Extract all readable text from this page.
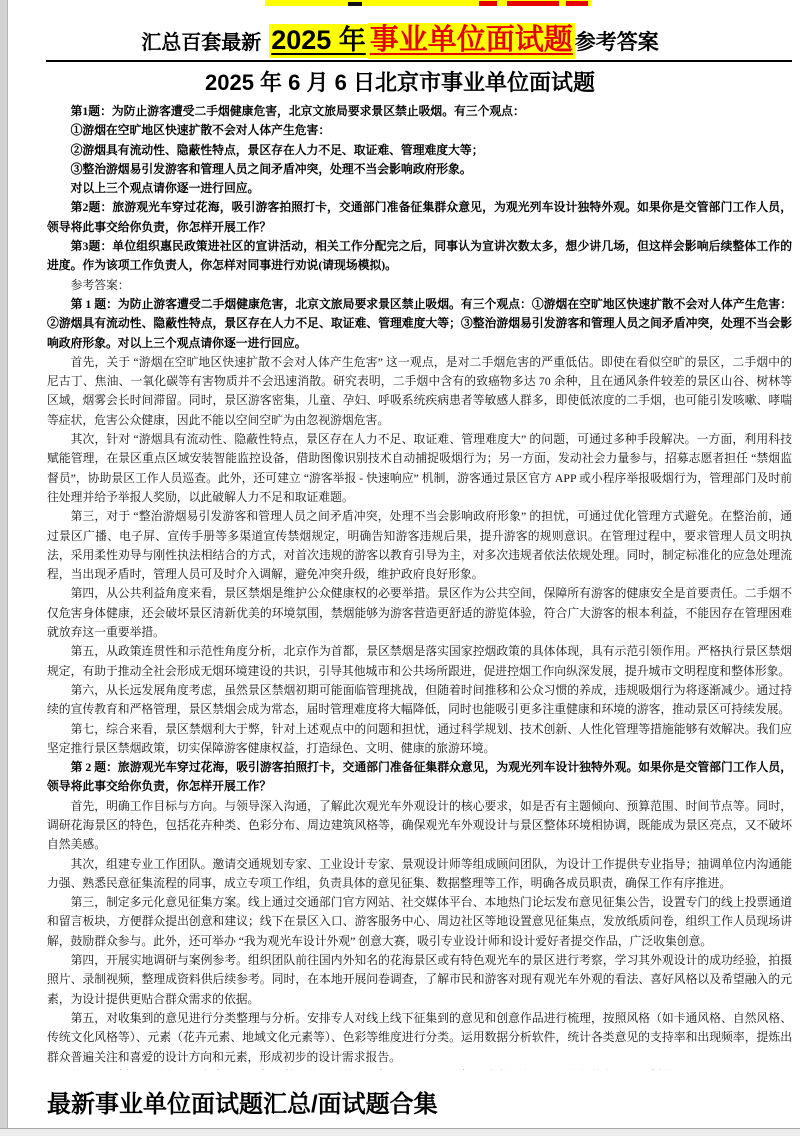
汇总百套最新 2025 年 事业单位面试题参考答案
2025 年 6 月 6 日北京市事业单位面试题

第1题：为防止游客遭受二手烟健康危害，北京文旅局要求景区禁止吸烟。有三个观点：

①游烟在空旷地区快速扩散不会对人体产生危害：

②游烟具有流动性、隐蔽性特点，景区存在人力不足、取证难、管理难度大等；

③整治游烟易引发游客和管理人员之间矛盾冲突，处理不当会影响政府形象。

对以上三个观点请你逐一进行回应。

第2题：旅游观光车穿过花海，吸引游客拍照打卡，交通部门准备征集群众意见，为观光列车设计独特外观。如果你是交管部门工作人员，领导将此事交给你负责，你怎样开展工作？

第3题：单位组织惠民政策进社区的宣讲活动，相关工作分配完之后，同事认为宣讲次数太多，想少讲几场，但这样会影响后续整体工作的进度。作为该项工作负责人，你怎样对同事进行劝说(请现场模拟)。

参考答案：

第 1 题：为防止游客遭受二手烟健康危害，北京文旅局要求景区禁止吸烟。有三个观点：①游烟在空旷地区快速扩散不会对人体产生危害：②游烟具有流动性、隐蔽性特点，景区存在人力不足、取证难、管理难度大等；③整治游烟易引发游客和管理人员之间矛盾冲突，处理不当会影响政府形象。对以上三个观点请你逐一进行回应。

首先，关于 “游烟在空旷地区快速扩散不会对人体产生危害” 这一观点，是对二手烟危害的严重低估。即使在看似空旷的景区，二手烟中的尼古丁、焦油、一氧化碳等有害物质并不会迅速消散。研究表明，二手烟中含有的致癌物多达 70 余种，且在通风条件较差的景区山谷、树林等区域，烟雾会长时间滞留。同时，景区游客密集，儿童、孕妇、呼吸系统疾病患者等敏感人群多，即使低浓度的二手烟，也可能引发咳嗽、哮喘等症状，危害公众健康，因此不能以空间空旷为由忽视游烟危害。

其次，针对 “游烟具有流动性、隐蔽性特点，景区存在人力不足、取证难、管理难度大” 的问题，可通过多种手段解决。一方面，利用科技赋能管理，在景区重点区域安装智能监控设备，借助图像识别技术自动捕捉吸烟行为；另一方面，发动社会力量参与，招募志愿者担任 “禁烟监督员”，协助景区工作人员巡查。此外，还可建立 “游客举报 - 快速响应” 机制，游客通过景区官方 APP 或小程序举报吸烟行为，管理部门及时前往处理并给予举报人奖励，以此破解人力不足和取证难题。

第三，对于 “整治游烟易引发游客和管理人员之间矛盾冲突，处理不当会影响政府形象” 的担忧，可通过优化管理方式避免。在整治前，通过景区广播、电子屏、宣传手册等多渠道宣传禁烟规定，明确告知游客违规后果，提升游客的规则意识。在管理过程中，要求管理人员文明执法，采用柔性劝导与刚性执法相结合的方式，对首次违规的游客以教育引导为主，对多次违规者依法依规处理。同时，制定标准化的应急处理流程，当出现矛盾时，管理人员可及时介入调解，避免冲突升级，维护政府良好形象。

第四，从公共利益角度来看，景区禁烟是维护公众健康权的必要举措。景区作为公共空间，保障所有游客的健康安全是首要责任。二手烟不仅危害身体健康，还会破坏景区清新优美的环境氛围，禁烟能够为游客营造更舒适的游览体验，符合广大游客的根本利益，不能因存在管理困难就放弃这一重要举措。

第五，从政策连贯性和示范性角度分析，北京作为首都，景区禁烟是落实国家控烟政策的具体体现，具有示范引领作用。严格执行景区禁烟规定，有助于推动全社会形成无烟环境建设的共识，引导其他城市和公共场所跟进，促进控烟工作向纵深发展，提升城市文明程度和整体形象。

第六，从长远发展角度考虑，虽然景区禁烟初期可能面临管理挑战，但随着时间推移和公众习惯的养成，违规吸烟行为将逐渐减少。通过持续的宣传教育和严格管理，景区禁烟会成为常态，届时管理难度将大幅降低，同时也能吸引更多注重健康和环境的游客，推动景区可持续发展。

第七，综合来看，景区禁烟利大于弊，针对上述观点中的问题和担忧，通过科学规划、技术创新、人性化管理等措施能够有效解决。我们应坚定推行景区禁烟政策，切实保障游客健康权益，打造绿色、文明、健康的旅游环境。

第 2 题：旅游观光车穿过花海，吸引游客拍照打卡，交通部门准备征集群众意见，为观光列车设计独特外观。如果你是交管部门工作人员，领导将此事交给你负责，你怎样开展工作？

首先，明确工作目标与方向。与领导深入沟通，了解此次观光车外观设计的核心要求，如是否有主题倾向、预算范围、时间节点等。同时，调研花海景区的特色，包括花卉种类、色彩分布、周边建筑风格等，确保观光车外观设计与景区整体环境相协调，既能成为景区亮点，又不破坏自然美感。

其次，组建专业工作团队。邀请交通规划专家、工业设计专家、景观设计师等组成顾问团队，为设计工作提供专业指导；抽调单位内沟通能力强、熟悉民意征集流程的同事，成立专项工作组，负责具体的意见征集、数据整理等工作，明确各成员职责，确保工作有序推进。

第三，制定多元化意见征集方案。线上通过交通部门官方网站、社交媒体平台、本地热门论坛发布意见征集公告，设置专门的线上投票通道和留言板块，方便群众提出创意和建议；线下在景区入口、游客服务中心、周边社区等地设置意见征集点，发放纸质问卷，组织工作人员现场讲解，鼓励群众参与。此外，还可举办 “我为观光车设计外观” 创意大赛，吸引专业设计师和设计爱好者提交作品，广泛收集创意。

第四，开展实地调研与案例参考。组织团队前往国内外知名的花海景区或有特色观光车的景区进行考察，学习其外观设计的成功经验，拍摄照片、录制视频，整理成资料供后续参考。同时，在本地开展问卷调查，了解市民和游客对现有观光车外观的看法、喜好风格以及希望融入的元素，为设计提供更贴合群众需求的依据。

第五，对收集到的意见进行分类整理与分析。安排专人对线上线下征集到的意见和创意作品进行梳理，按照风格（如卡通风格、自然风格、传统文化风格等）、元素（花卉元素、地域文化元素等）、色彩等维度进行分类。运用数据分析软件，统计各类意见的支持率和出现频率，提炼出群众普遍关注和喜爱的设计方向和元素，形成初步的设计需求报告。

最新事业单位面试题汇总/面试题合集
